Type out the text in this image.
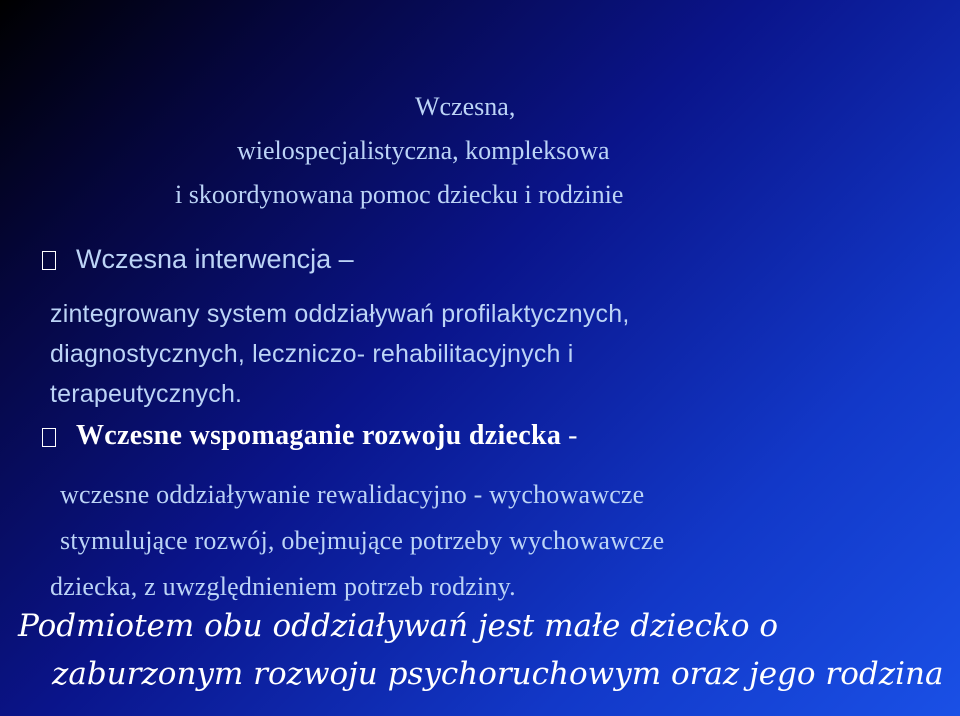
Wczesna,
wielospecjalistyczna, kompleksowa
i skoordynowana pomoc dziecku i rodzinie
Wczesna interwencja –
zintegrowany system oddziaływań profilaktycznych,
diagnostycznych, leczniczo- rehabilitacyjnych i
terapeutycznych.
Wczesne wspomaganie rozwoju dziecka -
wczesne oddziaływanie rewalidacyjno - wychowawcze
stymulujące rozwój, obejmujące potrzeby wychowawcze
dziecka, z uwzględnieniem potrzeb rodziny.
Podmiotem obu oddziaływań jest małe dziecko o
zaburzonym rozwoju psychoruchowym oraz jego rodzina
